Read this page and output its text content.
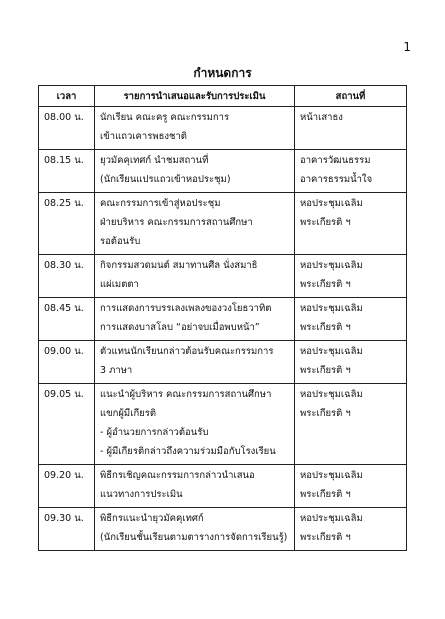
1
กำหนดการ
เวลา	รายการนำเสนอและรับการประเมิน	สถานที่
08.00 น.	นักเรียน คณะครู คณะกรรมการ
เข้าแถวเคารพธงชาติ	หน้าเสาธง

08.15 น.	ยุวมัคคุเทศก์ นำชมสถานที่
(นักเรียนแปรแถวเข้าหอประชุม)	อาคารวัฒนธรรม
อาคารธรรมน้ำใจ

08.25 น.	คณะกรรมการเข้าสู่หอประชุม
ฝ่ายบริหาร คณะกรรมการสถานศึกษา
รอต้อนรับ	หอประชุมเฉลิม
พระเกียรติ ฯ

08.30 น.	กิจกรรมสวดมนต์ สมาทานศีล นั่งสมาธิ
แผ่เมตตา	หอประชุมเฉลิม
พระเกียรติ ฯ

08.45 น.	การแสดงการบรรเลงเพลงของวงโยธวาทิต
การแสดงบาสโลบ “อย่าจบเมื่อพบหน้า”	หอประชุมเฉลิม
พระเกียรติ ฯ

09.00 น.	ตัวแทนนักเรียนกล่าวต้อนรับคณะกรรมการ
3 ภาษา	หอประชุมเฉลิม
พระเกียรติ ฯ

09.05 น.	แนะนำผู้บริหาร คณะกรรมการสถานศึกษา
แขกผู้มีเกียรติ
- ผู้อำนวยการกล่าวต้อนรับ
- ผู้มีเกียรติกล่าวถึงความร่วมมือกับโรงเรียน	หอประชุมเฉลิม
พระเกียรติ ฯ

09.20 น.	พิธีกรเชิญคณะกรรมการกล่าวนำเสนอ
แนวทางการประเมิน	หอประชุมเฉลิม
พระเกียรติ ฯ

09.30 น.	พิธีกรแนะนำยุวมัคคุเทศก์
(นักเรียนชั้นเรียนตามตารางการจัดการเรียนรู้)	หอประชุมเฉลิม
พระเกียรติ ฯ
